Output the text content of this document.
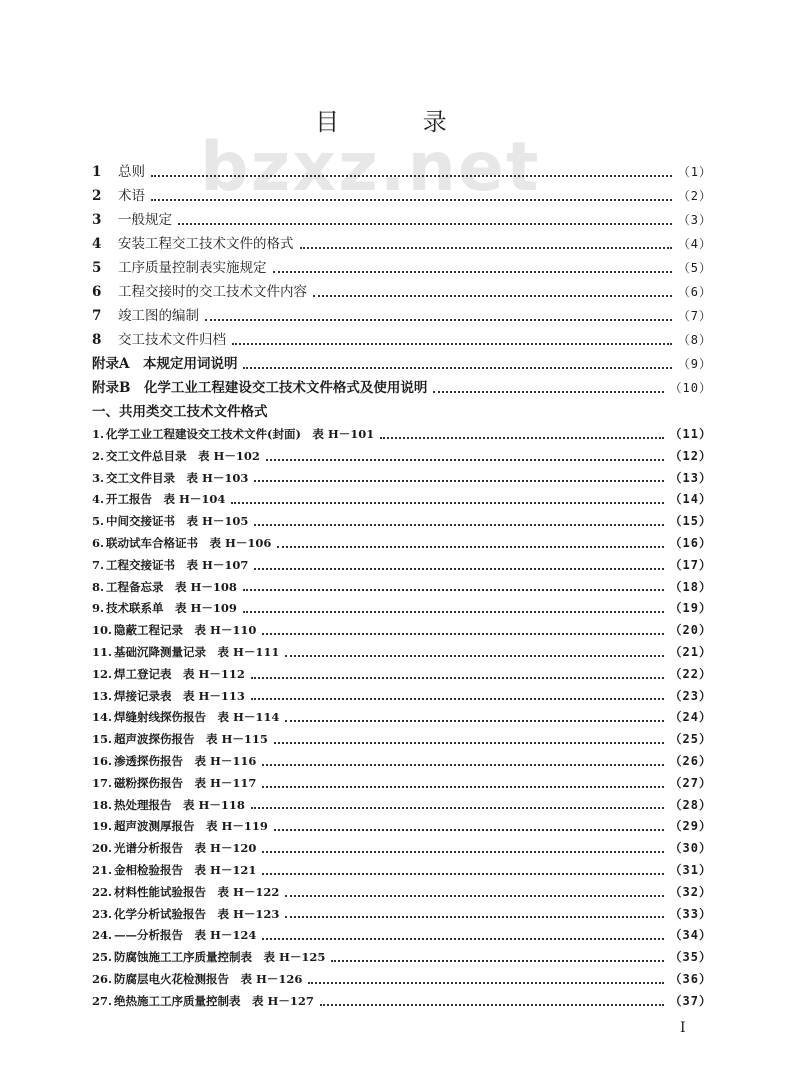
bzxz.net
目 录
1	总则	（1）
2	术语	（2）
3	一般规定	（3）
4	安装工程交工技术文件的格式	（4）
5	工序质量控制表实施规定	（5）
6	工程交接时的交工技术文件内容	（6）
7	竣工图的编制	（7）
8	交工技术文件归档	（8）
附录A　本规定用词说明	（9）
附录B　化学工业工程建设交工技术文件格式及使用说明	（10）
一、共用类交工技术文件格式
1. 化学工业工程建设交工技术文件(封面)　表 H－101	（11）
2. 交工文件总目录　表 H－102	（12）
3. 交工文件目录　表 H－103	（13）
4. 开工报告　表 H－104	（14）
5. 中间交接证书　表 H－105	（15）
6. 联动试车合格证书　表 H－106	（16）
7. 工程交接证书　表 H－107	（17）
8. 工程备忘录　表 H－108	（18）
9. 技术联系单　表 H－109	（19）
10. 隐蔽工程记录　表 H－110	（20）
11. 基础沉降测量记录　表 H－111	（21）
12. 焊工登记表　表 H－112	（22）
13. 焊接记录表　表 H－113	（23）
14. 焊缝射线探伤报告　表 H－114	（24）
15. 超声波探伤报告　表 H－115	（25）
16. 渗透探伤报告　表 H－116	（26）
17. 磁粉探伤报告　表 H－117	（27）
18. 热处理报告　表 H－118	（28）
19. 超声波测厚报告　表 H－119	（29）
20. 光谱分析报告　表 H－120	（30）
21. 金相检验报告　表 H－121	（31）
22. 材料性能试验报告　表 H－122	（32）
23. 化学分析试验报告　表 H－123	（33）
24. ——分析报告　表 H－124	（34）
25. 防腐蚀施工工序质量控制表　表 H－125	（35）
26. 防腐层电火花检测报告　表 H－126	（36）
27. 绝热施工工序质量控制表　表 H－127	（37）
I
